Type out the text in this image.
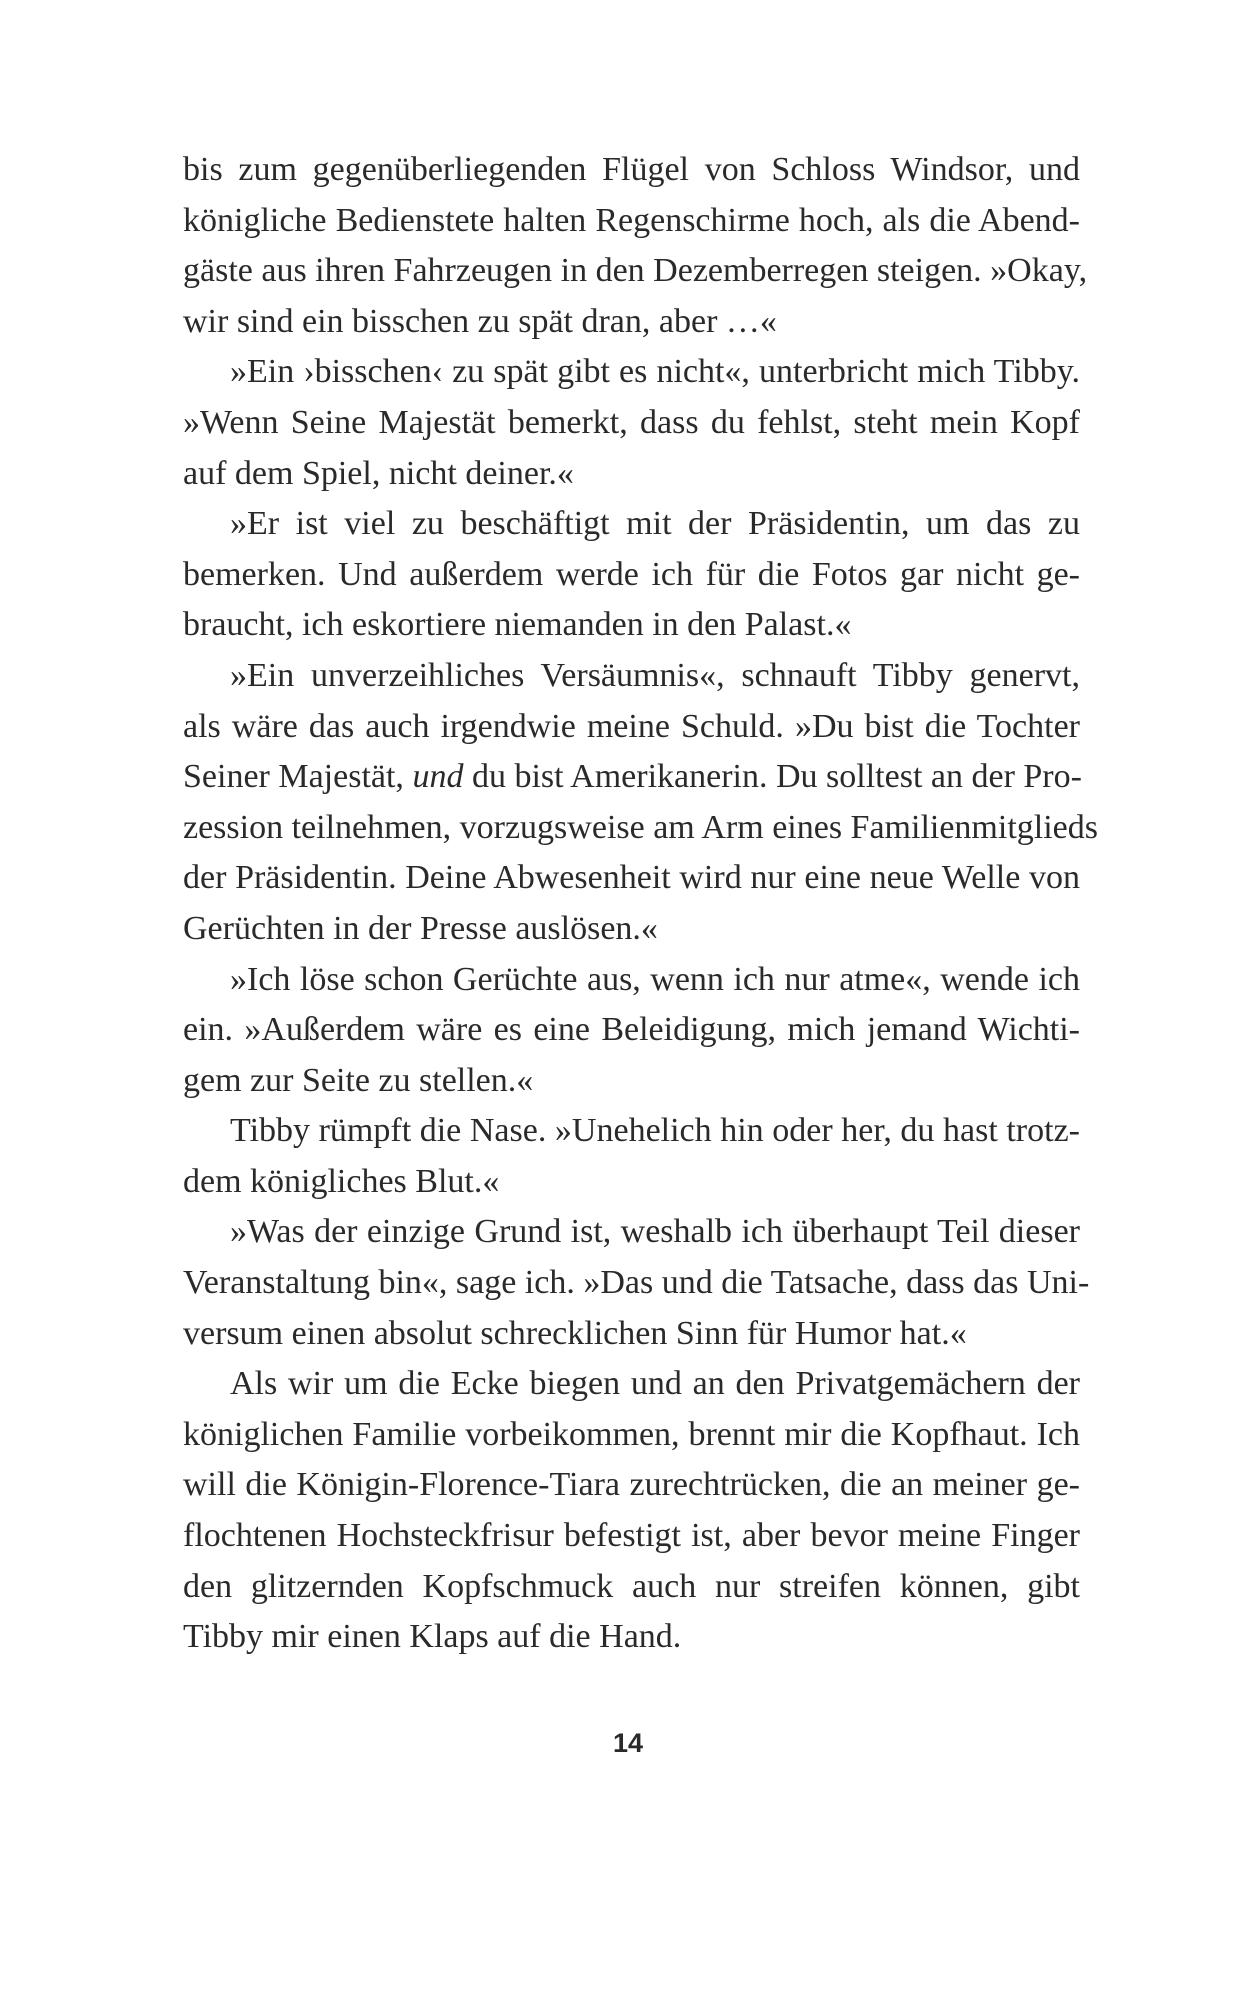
bis zum gegenüberliegenden Flügel von Schloss Windsor, und
königliche Bedienstete halten Regenschirme hoch, als die Abend-
gäste aus ihren Fahrzeugen in den Dezemberregen steigen. »Okay,
wir sind ein bisschen zu spät dran, aber …«
»Ein ›bisschen‹ zu spät gibt es nicht«, unterbricht mich Tibby.
»Wenn Seine Majestät bemerkt, dass du fehlst, steht mein Kopf
auf dem Spiel, nicht deiner.«
»Er ist viel zu beschäftigt mit der Präsidentin, um das zu
bemerken. Und außerdem werde ich für die Fotos gar nicht ge-
braucht, ich eskortiere niemanden in den Palast.«
»Ein unverzeihliches Versäumnis«, schnauft Tibby genervt,
als wäre das auch irgendwie meine Schuld. »Du bist die Tochter
Seiner Majestät, und du bist Amerikanerin. Du solltest an der Pro-
zession teilnehmen, vorzugsweise am Arm eines Familienmitglieds
der Präsidentin. Deine Abwesenheit wird nur eine neue Welle von
Gerüchten in der Presse auslösen.«
»Ich löse schon Gerüchte aus, wenn ich nur atme«, wende ich
ein. »Außerdem wäre es eine Beleidigung, mich jemand Wichti-
gem zur Seite zu stellen.«
Tibby rümpft die Nase. »Unehelich hin oder her, du hast trotz-
dem königliches Blut.«
»Was der einzige Grund ist, weshalb ich überhaupt Teil dieser
Veranstaltung bin«, sage ich. »Das und die Tatsache, dass das Uni-
versum einen absolut schrecklichen Sinn für Humor hat.«
Als wir um die Ecke biegen und an den Privatgemächern der
königlichen Familie vorbeikommen, brennt mir die Kopfhaut. Ich
will die Königin-Florence-Tiara zurechtrücken, die an meiner ge-
flochtenen Hochsteckfrisur befestigt ist, aber bevor meine Finger
den glitzernden Kopfschmuck auch nur streifen können, gibt
Tibby mir einen Klaps auf die Hand.
14
